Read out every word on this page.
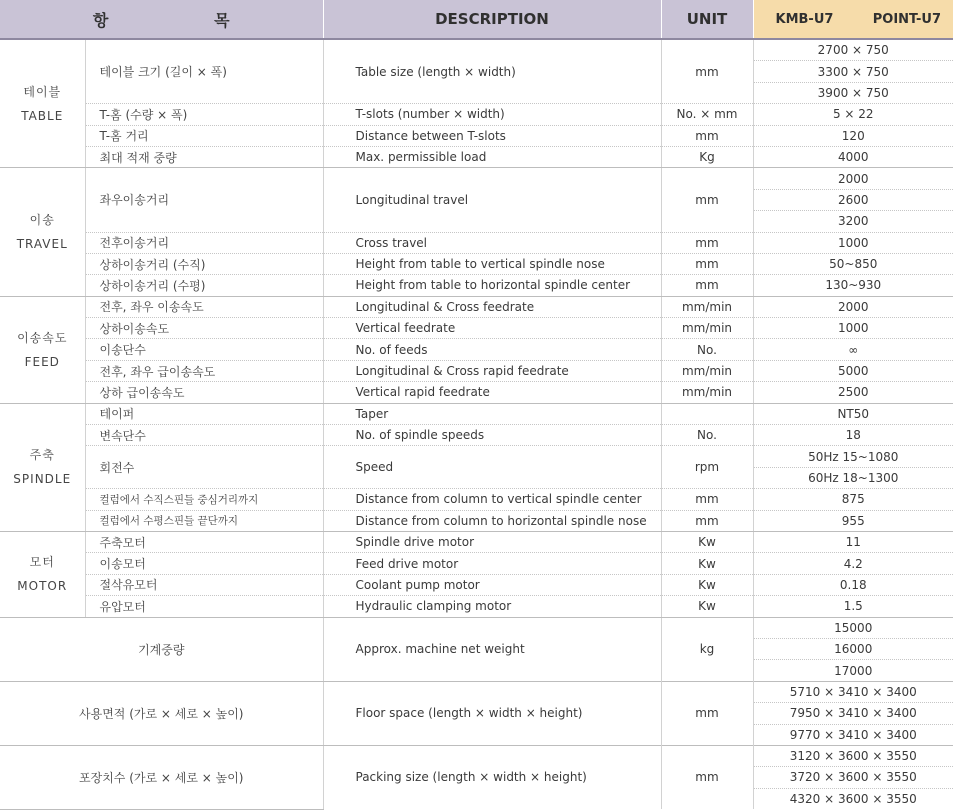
항 목		DESCRIPTION	UNIT	KMB-U7 POINT-U7

테이블
TABLE	테이블 크기 (길이 × 폭)	Table size (length × width)	mm	2700 × 750
				3300 × 750
				3900 × 750
	T-홈 (수량 × 폭)	T-slots (number × width)	No. × mm	5 × 22
	T-홈 거리	Distance between T-slots	mm	120
	최대 적재 중량	Max. permissible load	Kg	4000

이송
TRAVEL	좌우이송거리	Longitudinal travel	mm	2000
				2600
				3200
	전후이송거리	Cross travel	mm	1000
	상하이송거리 (수직)	Height from table to vertical spindle nose	mm	50~850
	상하이송거리 (수평)	Height from table to horizontal spindle center	mm	130~930

이송속도
FEED	전후, 좌우 이송속도	Longitudinal & Cross feedrate	mm/min	2000
	상하이송속도	Vertical feedrate	mm/min	1000
	이송단수	No. of feeds	No.	∞
	전후, 좌우 급이송속도	Longitudinal & Cross rapid feedrate	mm/min	5000
	상하 급이송속도	Vertical rapid feedrate	mm/min	2500

주축
SPINDLE	테이퍼	Taper		NT50
	변속단수	No. of spindle speeds	No.	18
	회전수	Speed	rpm	50Hz 15~1080
				60Hz 18~1300
	컬럼에서 수직스핀들 중심거리까지	Distance from column to vertical spindle center	mm	875
	컬럼에서 수평스핀들 끝단까지	Distance from column to horizontal spindle nose	mm	955

모터
MOTOR	주축모터	Spindle drive motor	Kw	11
	이송모터	Feed drive motor	Kw	4.2
	절삭유모터	Coolant pump motor	Kw	0.18
	유압모터	Hydraulic clamping motor	Kw	1.5
기계중량		Approx. machine net weight	kg	15000
				16000
				17000
사용면적 (가로 × 세로 × 높이)		Floor space (length × width × height)	mm	5710 × 3410 × 3400
				7950 × 3410 × 3400
				9770 × 3410 × 3400
포장치수 (가로 × 세로 × 높이)		Packing size (length × width × height)	mm	3120 × 3600 × 3550
				3720 × 3600 × 3550
				4320 × 3600 × 3550
